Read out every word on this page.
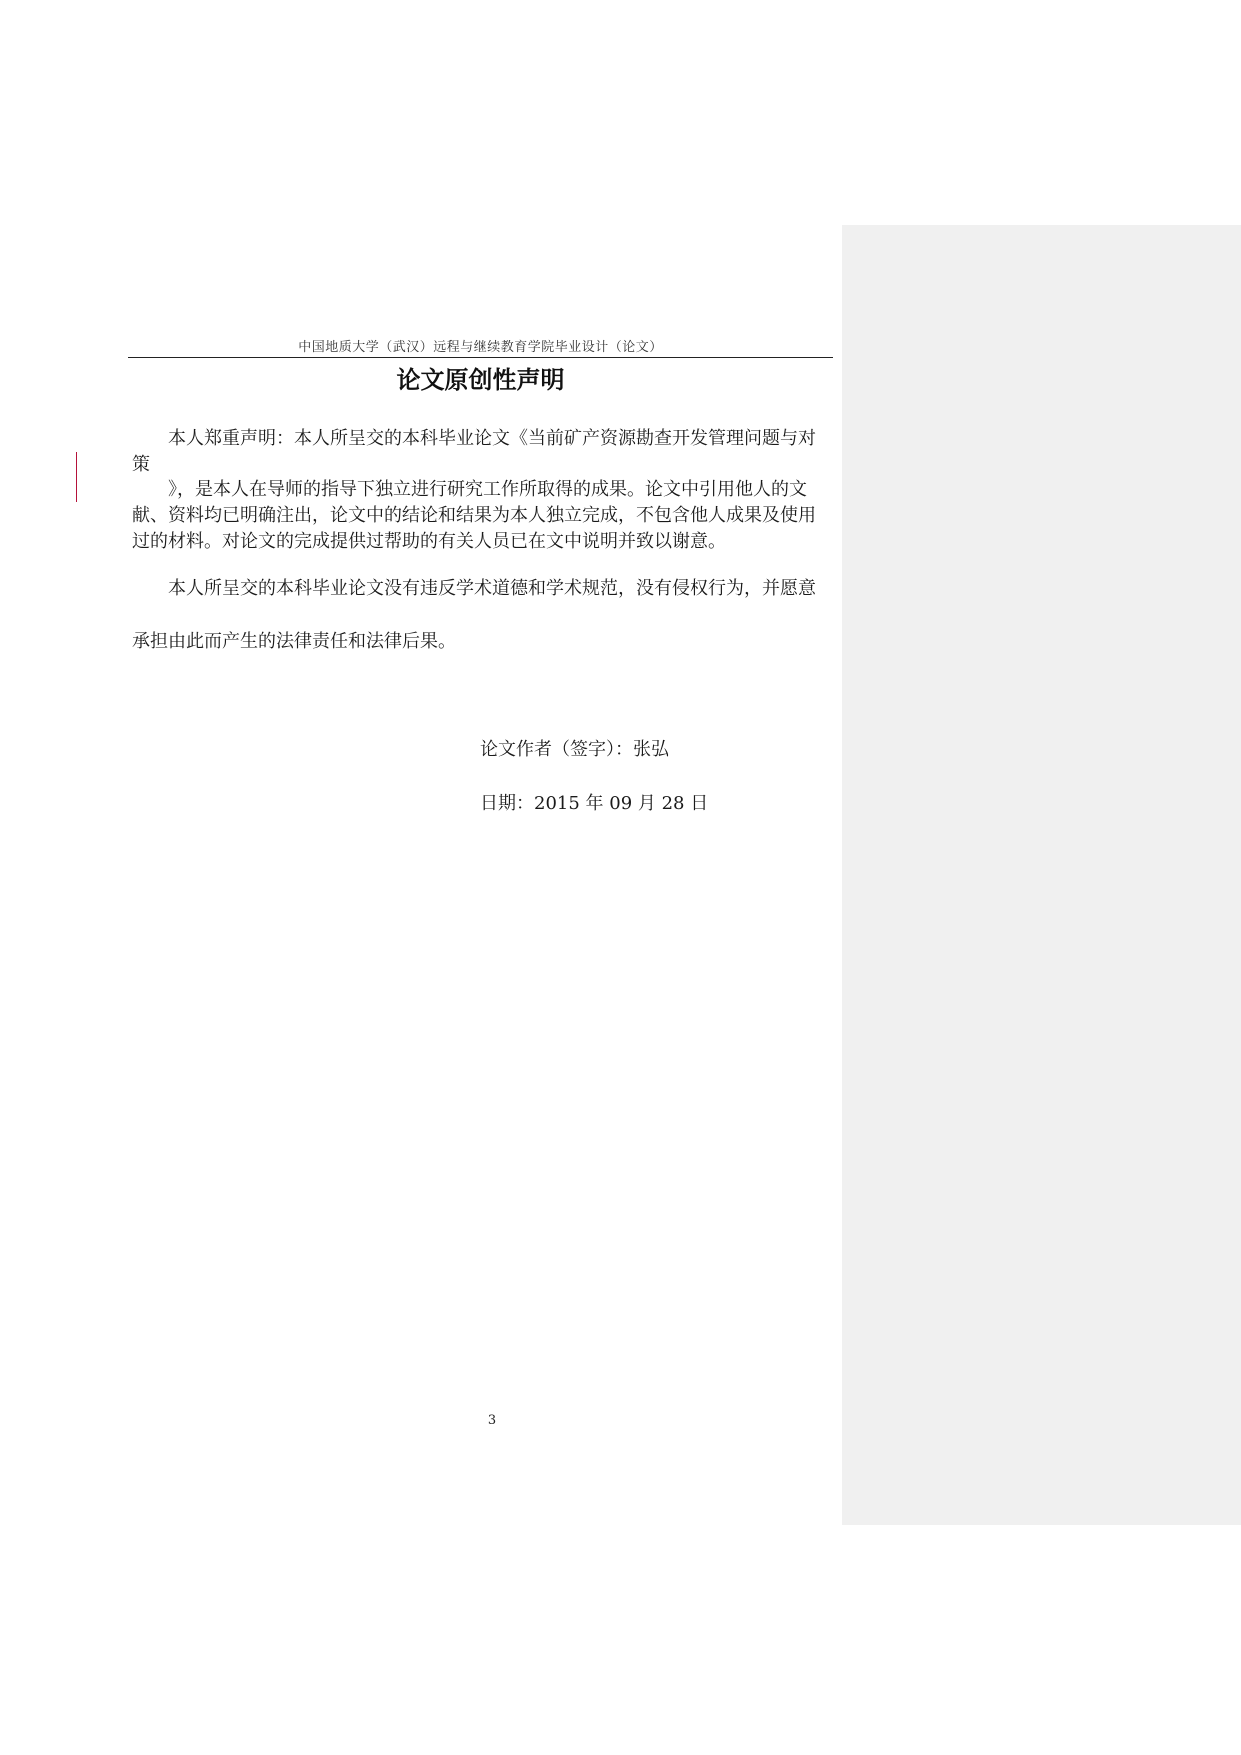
中国地质大学（武汉）远程与继续教育学院毕业设计（论文）
论文原创性声明
本人郑重声明：本人所呈交的本科毕业论文《当前矿产资源勘查开发管理问题与对
策
》，是本人在导师的指导下独立进行研究工作所取得的成果。论文中引用他人的文
献、资料均已明确注出，论文中的结论和结果为本人独立完成，不包含他人成果及使用
过的材料。对论文的完成提供过帮助的有关人员已在文中说明并致以谢意。
本人所呈交的本科毕业论文没有违反学术道德和学术规范，没有侵权行为，并愿意
承担由此而产生的法律责任和法律后果。
论文作者（签字）：张弘
日期：2015 年 09 月 28 日
3
